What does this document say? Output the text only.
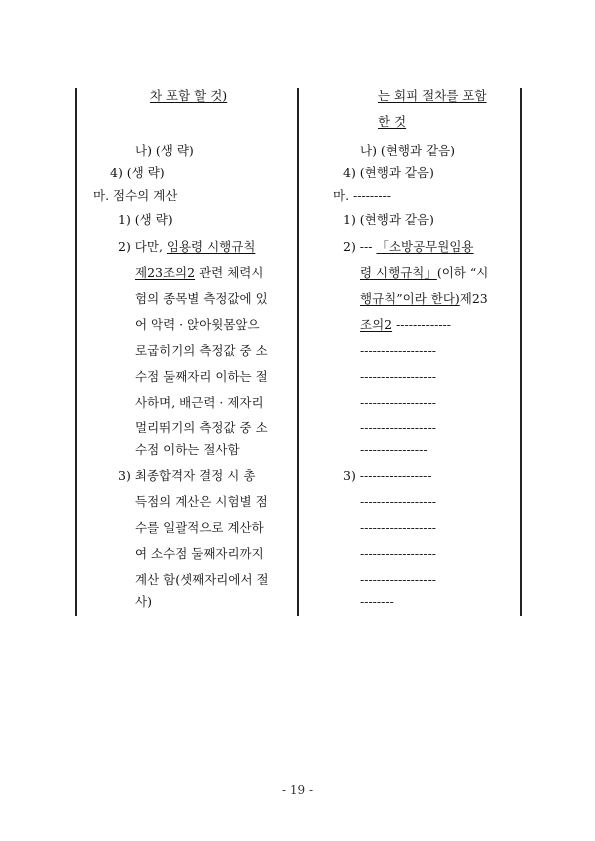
차 포함 할 것)
나) (생 략)
4) (생 략)
마. 점수의 계산
1) (생 략)
2) 다만, 임용령 시행규칙
제23조의2 관련 체력시
험의 종목별 측정값에 있
어 악력 · 앉아윗몸앞으
로굽히기의 측정값 중 소
수점 둘째자리 이하는 절
사하며, 배근력 · 제자리
멀리뛰기의 측정값 중 소
수점 이하는 절사함
3) 최종합격자 결정 시 총
득점의 계산은 시험별 점
수를 일괄적으로 계산하
여 소수점 둘째자리까지
계산 함(셋째자리에서 절
사)
는 회피 절차를 포함
한 것
나) (현행과 같음)
4) (현행과 같음)
마. ---------
1) (현행과 같음)
2) --- 「소방공무원임용
령 시행규칙」(이하 “시
행규칙”이라 한다)제23
조의2 -------------
------------------
------------------
------------------
------------------
----------------
3) -----------------
------------------
------------------
------------------
------------------
--------
- 19 -
